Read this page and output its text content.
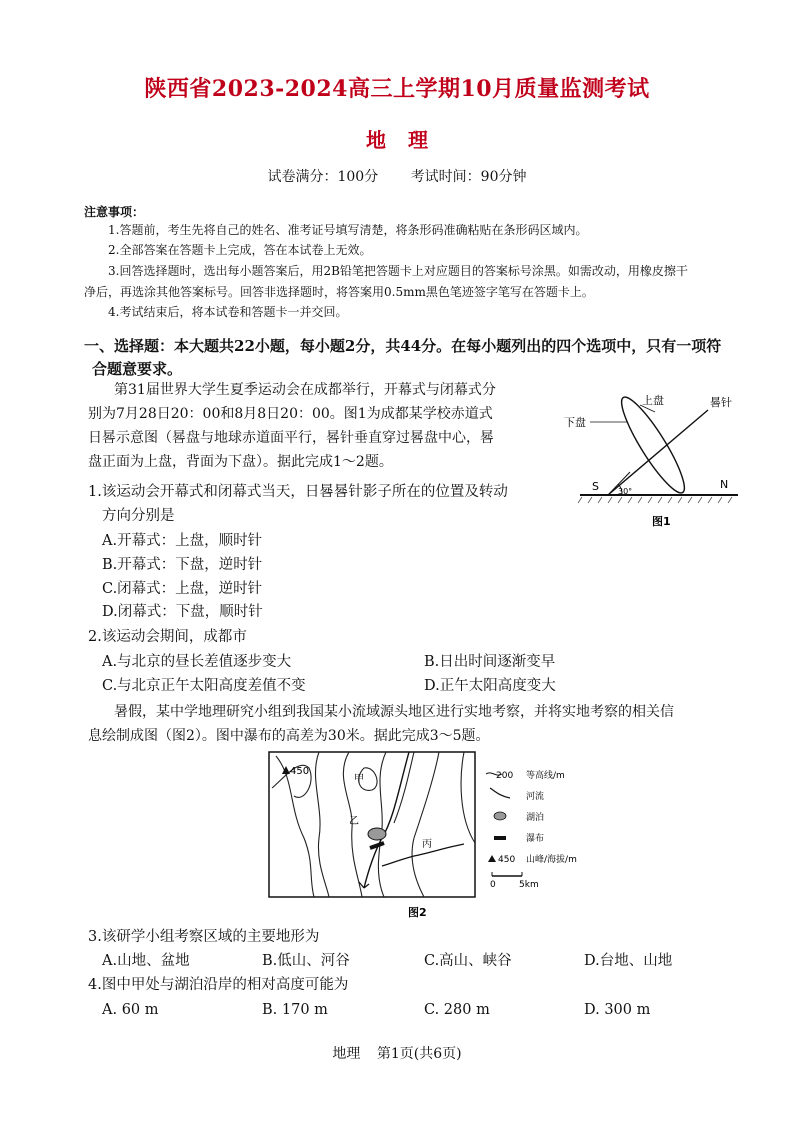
陕西省2023-2024高三上学期10月质量监测考试
地理
试卷满分：100分 考试时间：90分钟
注意事项：
1.答题前，考生先将自己的姓名、准考证号填写清楚，将条形码准确粘贴在条形码区域内。
2.全部答案在答题卡上完成，答在本试卷上无效。
3.回答选择题时，选出每小题答案后，用2B铅笔把答题卡上对应题目的答案标号涂黑。如需改动，用橡皮擦干
净后，再选涂其他答案标号。回答非选择题时，将答案用0.5mm黑色笔迹签字笔写在答题卡上。
4.考试结束后，将本试卷和答题卡一并交回。
一、选择题：本大题共22小题，每小题2分，共44分。在每小题列出的四个选项中，只有一项符
合题意要求。
第31届世界大学生夏季运动会在成都举行，开幕式与闭幕式分
别为7月28日20：00和8月8日20：00。图1为成都某学校赤道式
日晷示意图（晷盘与地球赤道面平行，晷针垂直穿过晷盘中心，晷
盘正面为上盘，背面为下盘）。据此完成1～2题。
上盘	晷针
下盘
S	N
30°
图1
1.该运动会开幕式和闭幕式当天，日晷晷针影子所在的位置及转动
方向分别是
A.开幕式：上盘，顺时针
B.开幕式：下盘，逆时针
C.闭幕式：上盘，逆时针
D.闭幕式：下盘，顺时针
2.该运动会期间，成都市
A.与北京的昼长差值逐步变大	B.日出时间逐渐变早
C.与北京正午太阳高度差值不变	D.正午太阳高度变大
暑假，某中学地理研究小组到我国某小流域源头地区进行实地考察，并将实地考察的相关信
息绘制成图（图2）。图中瀑布的高差为30米。据此完成3～5题。
450
甲
乙
丙
200 等高线/m
河流
湖泊
瀑布
450 山峰/海拔/m
0	5km
图2
3.该研学小组考察区域的主要地形为
A.山地、盆地	B.低山、河谷	C.高山、峡谷	D.台地、山地
4.图中甲处与湖泊沿岸的相对高度可能为
A. 60 m	B. 170 m	C. 280 m	D. 300 m
地理 第1页(共6页)
